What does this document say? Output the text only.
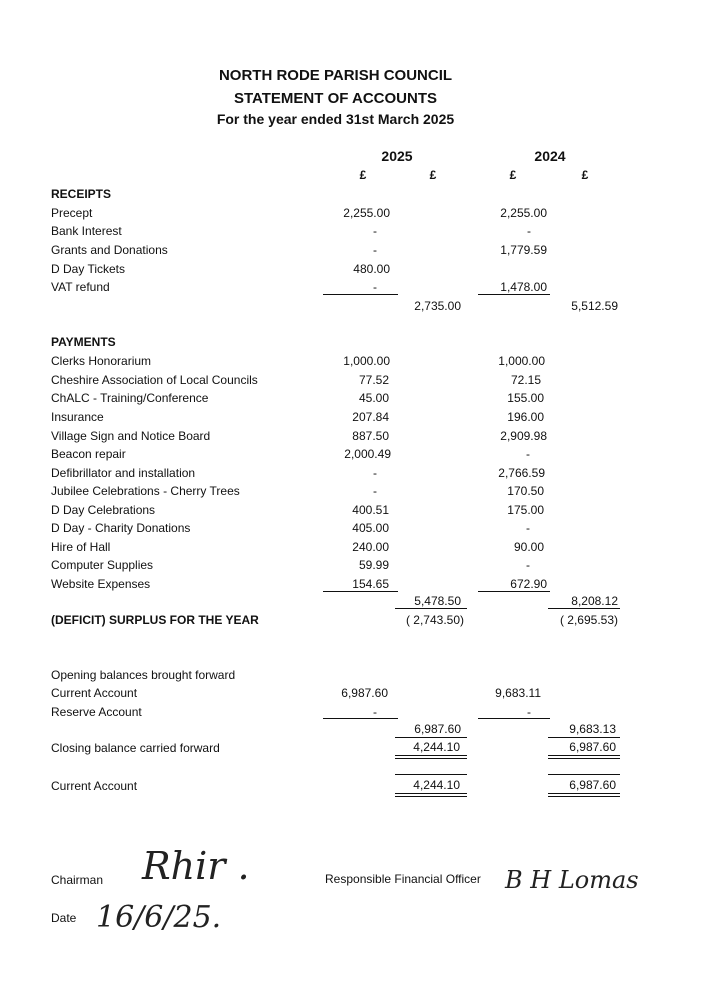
NORTH RODE PARISH COUNCIL
STATEMENT OF ACCOUNTS
For the year ended 31st March 2025
2025	2024
£	£	£	£
RECEIPTS
Precept	2,255.00	2,255.00
Bank Interest	-	-
Grants and Donations	-	1,779.59
D Day Tickets	480.00
VAT refund	-	1,478.00
2,735.00	5,512.59
PAYMENTS
Clerks Honorarium	1,000.00	1,000.00
Cheshire Association of Local Councils	77.52	72.15
ChALC - Training/Conference	45.00	155.00
Insurance	207.84	196.00
Village Sign and Notice Board	887.50	2,909.98
Beacon repair	2,000.49	-
Defibrillator and installation	-	2,766.59
Jubilee Celebrations - Cherry Trees	-	170.50
D Day Celebrations	400.51	175.00
D Day - Charity Donations	405.00	-
Hire of Hall	240.00	90.00
Computer Supplies	59.99	-
Website Expenses	154.65	672.90
5,478.50	8,208.12
(DEFICIT) SURPLUS FOR THE YEAR	( 2,743.50)	( 2,695.53)
Opening balances brought forward
Current Account	6,987.60	9,683.11
Reserve Account	-	-
6,987.60	9,683.13
Closing balance carried forward	4,244.10	6,987.60
Current Account	4,244.10	6,987.60
Chairman Rhir .
Date 16/6/25.
Responsible Financial Officer B H Lomas
